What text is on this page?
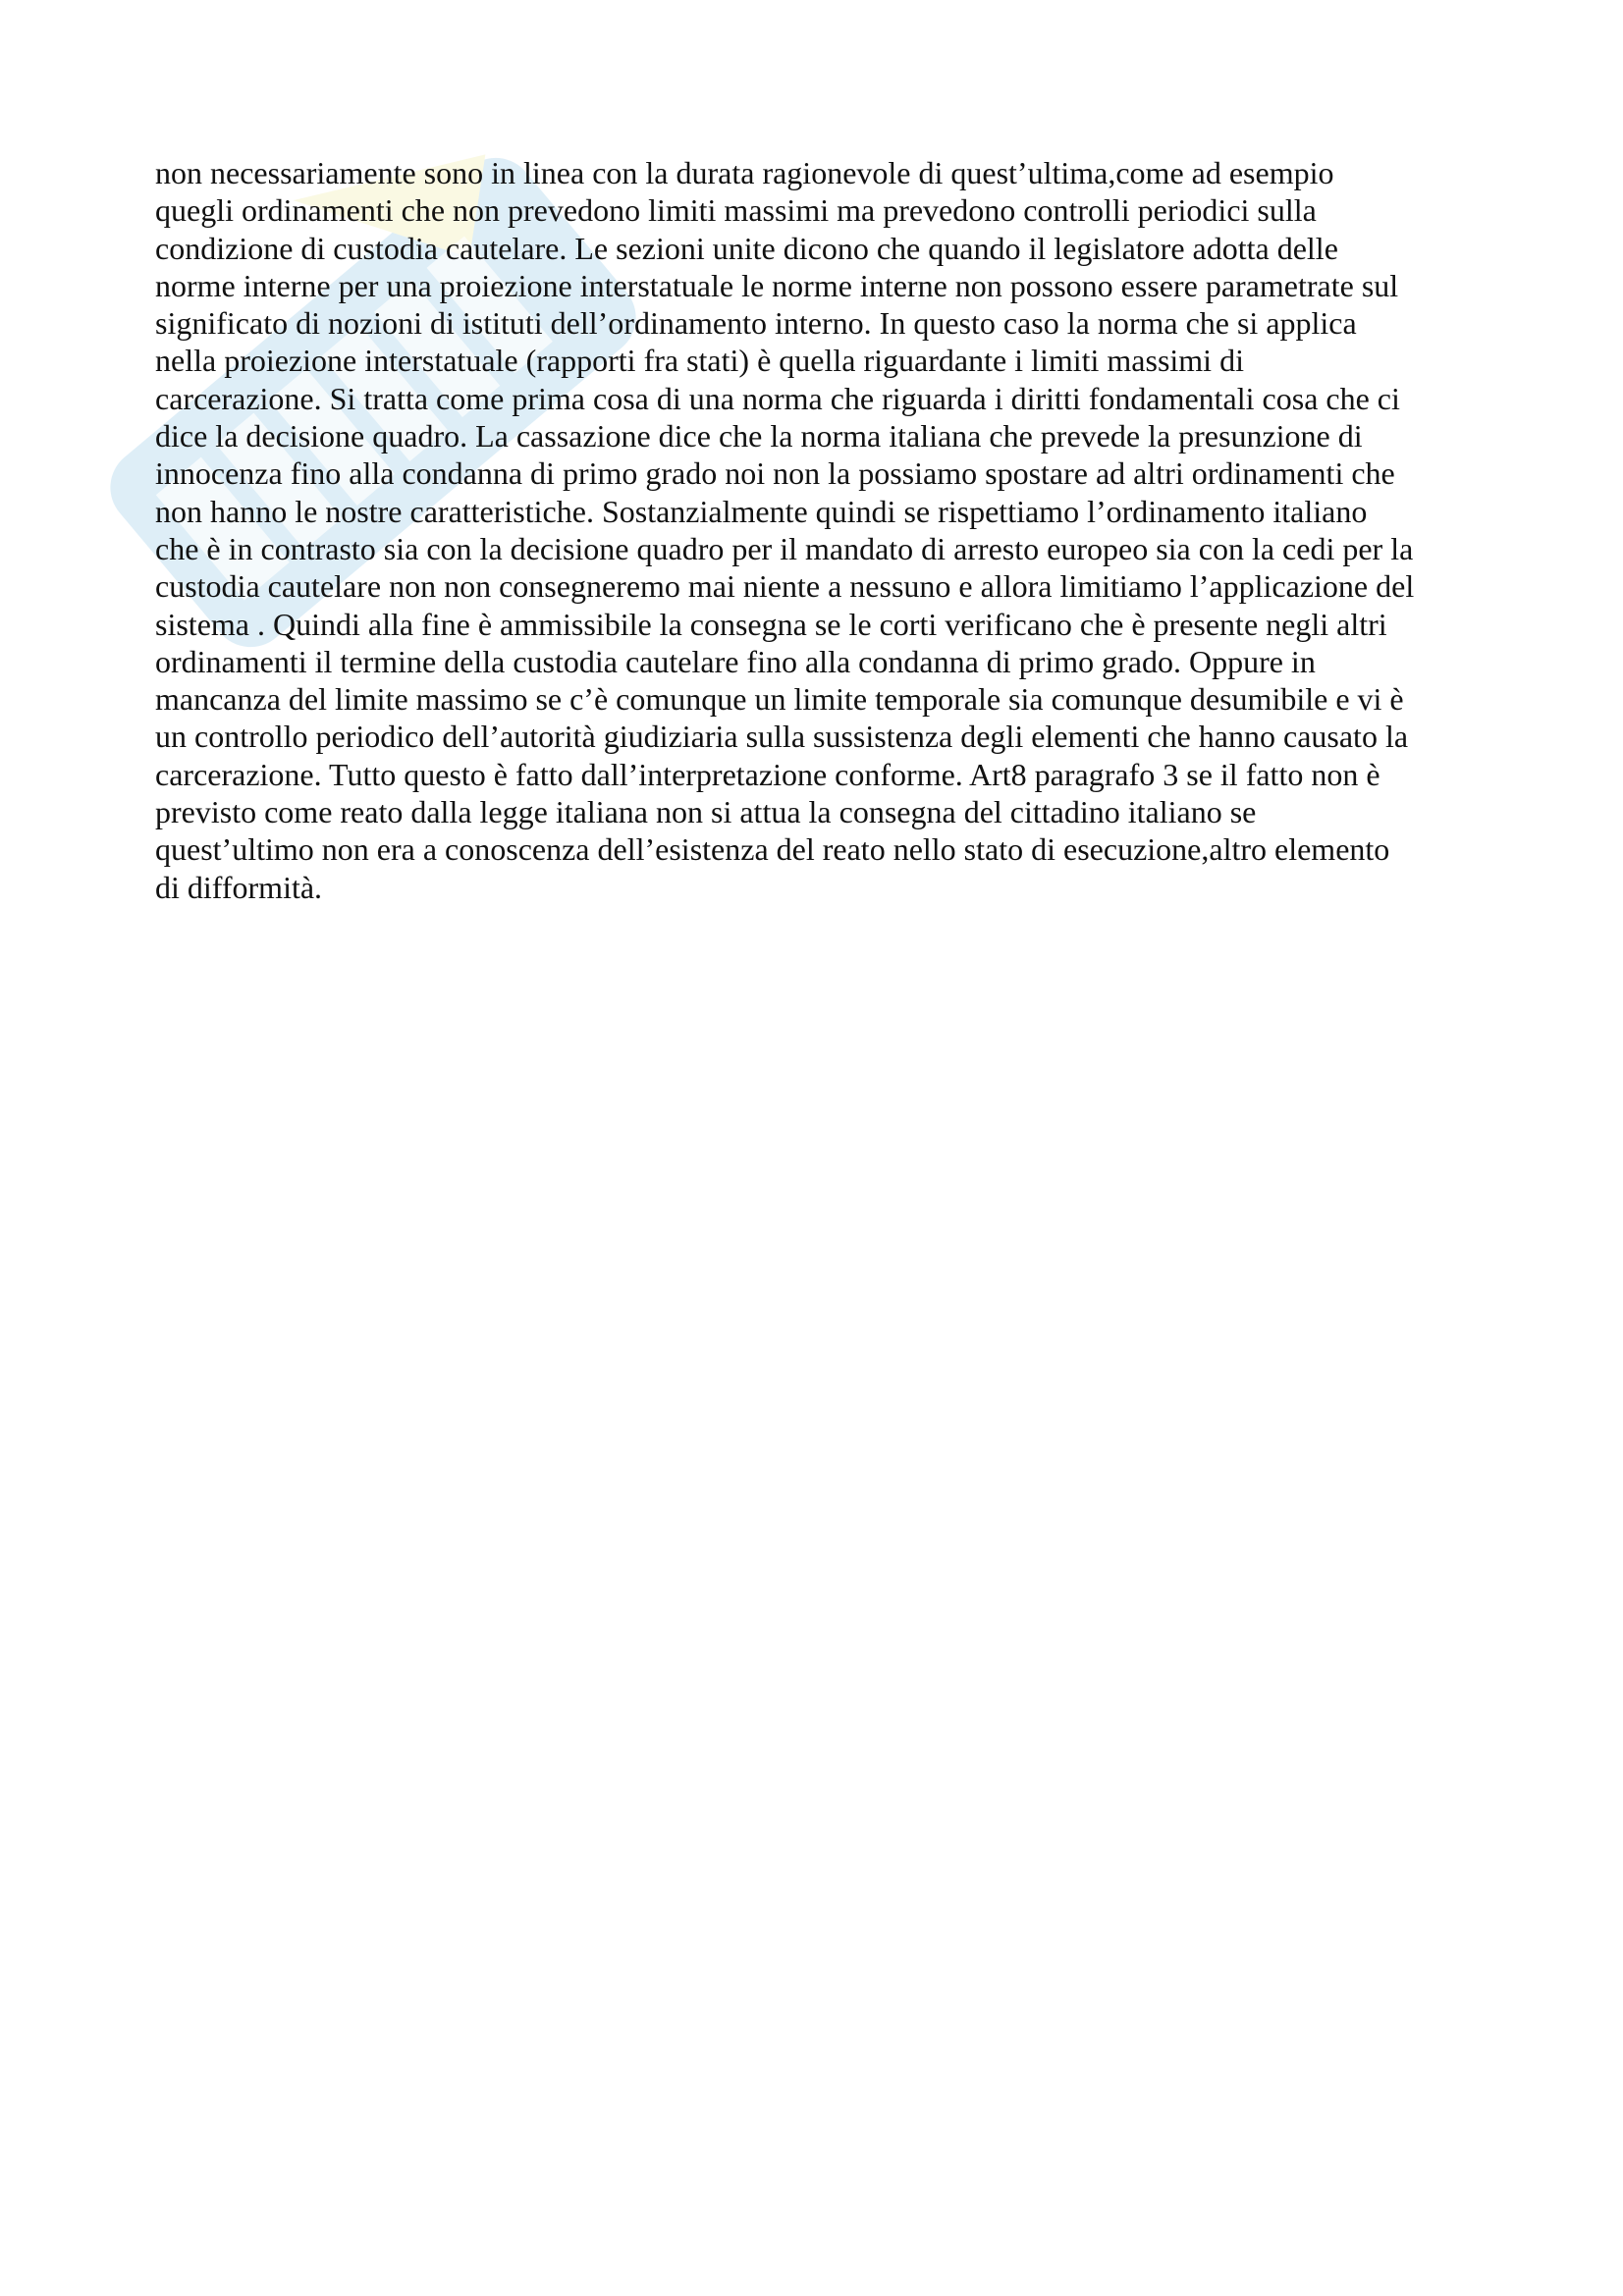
non necessariamente sono in linea con la durata ragionevole di quest’ultima,come ad esempio
quegli ordinamenti che non prevedono limiti massimi ma prevedono controlli periodici sulla
condizione di custodia cautelare. Le sezioni unite dicono che quando il legislatore adotta delle
norme interne per una proiezione interstatuale le norme interne non possono essere parametrate sul
significato di nozioni di istituti dell’ordinamento interno. In questo caso la norma che si applica
nella proiezione interstatuale (rapporti fra stati) è quella riguardante i limiti massimi di
carcerazione. Si tratta come prima cosa di una norma che riguarda i diritti fondamentali cosa che ci
dice la decisione quadro. La cassazione dice che la norma italiana che prevede la presunzione di
innocenza fino alla condanna di primo grado noi non la possiamo spostare ad altri ordinamenti che
non hanno le nostre caratteristiche. Sostanzialmente quindi se rispettiamo l’ordinamento italiano
che è in contrasto sia con la decisione quadro per il mandato di arresto europeo sia con la cedi per la
custodia cautelare non non consegneremo mai niente a nessuno e allora limitiamo l’applicazione del
sistema . Quindi alla fine è ammissibile la consegna se le corti verificano che è presente negli altri
ordinamenti il termine della custodia cautelare fino alla condanna di primo grado. Oppure in
mancanza del limite massimo se c’è comunque un limite temporale sia comunque desumibile e vi è
un controllo periodico dell’autorità giudiziaria sulla sussistenza degli elementi che hanno causato la
carcerazione. Tutto questo è fatto dall’interpretazione conforme. Art8 paragrafo 3 se il fatto non è
previsto come reato dalla legge italiana non si attua la consegna del cittadino italiano se
quest’ultimo non era a conoscenza dell’esistenza del reato nello stato di esecuzione,altro elemento
di difformità.
